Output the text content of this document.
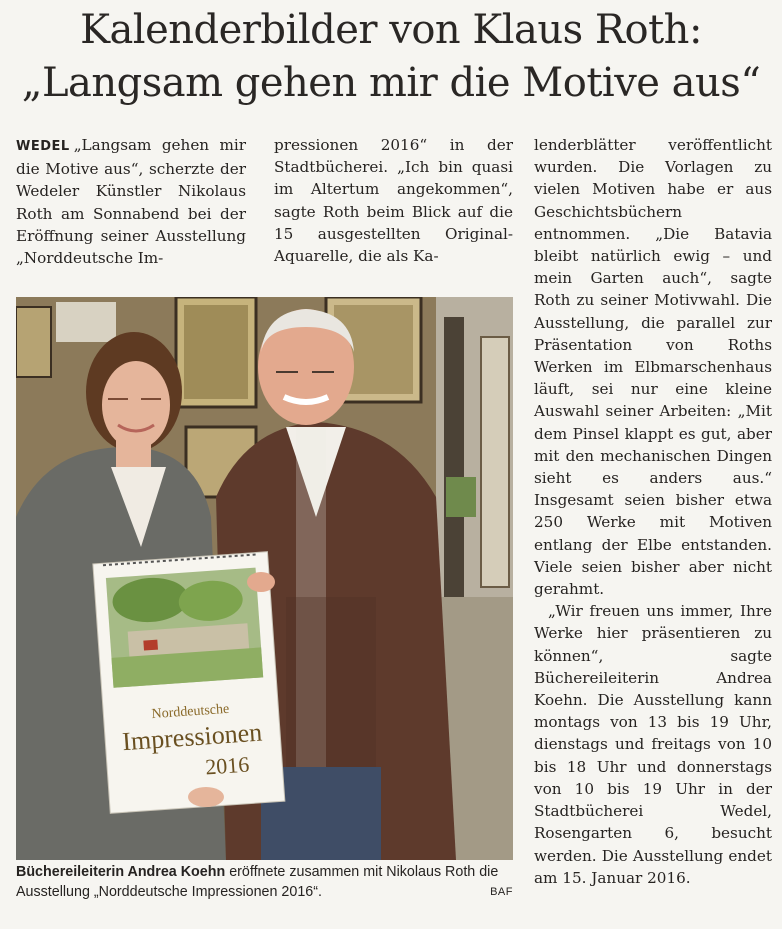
Kalenderbilder von Klaus Roth:
„Langsam gehen mir die Motive aus“

WEDEL „Langsam gehen mir die Motive aus“, scherzte der Wedeler Künstler Nikolaus Roth am Sonnabend bei der Eröffnung seiner Ausstellung „Norddeutsche Im-

pressionen 2016“ in der Stadtbücherei. „Ich bin quasi im Altertum angekommen“, sagte Roth beim Blick auf die 15 ausgestellten Original-Aquarelle, die als Ka-

lenderblätter veröffentlicht wurden. Die Vorlagen zu vielen Motiven habe er aus Geschichtsbüchern entnommen. „Die Batavia bleibt natürlich ewig – und mein Garten auch“, sagte Roth zu seiner Motivwahl. Die Ausstellung, die parallel zur Präsentation von Roths Werken im Elbmarschenhaus läuft, sei nur eine kleine Auswahl seiner Arbeiten: „Mit dem Pinsel klappt es gut, aber mit den mechanischen Dingen sieht es anders aus.“ Insgesamt seien bisher etwa 250 Werke mit Motiven entlang der Elbe entstanden. Viele seien bisher aber nicht gerahmt.

„Wir freuen uns immer, Ihre Werke hier präsentieren zu können“, sagte Büchereileiterin Andrea Koehn. Die Ausstellung kann montags von 13 bis 19 Uhr, dienstags und freitags von 10 bis 18 Uhr und donnerstags von 10 bis 19 Uhr in der Stadtbücherei Wedel, Rosengarten 6, besucht werden. Die Ausstellung endet am 15. Januar 2016.

Norddeutsche
Impressionen
2016
Büchereileiterin Andrea Koehn eröffnete zusammen mit Nikolaus Roth die Ausstellung „Norddeutsche Impressionen 2016“.	BAF
